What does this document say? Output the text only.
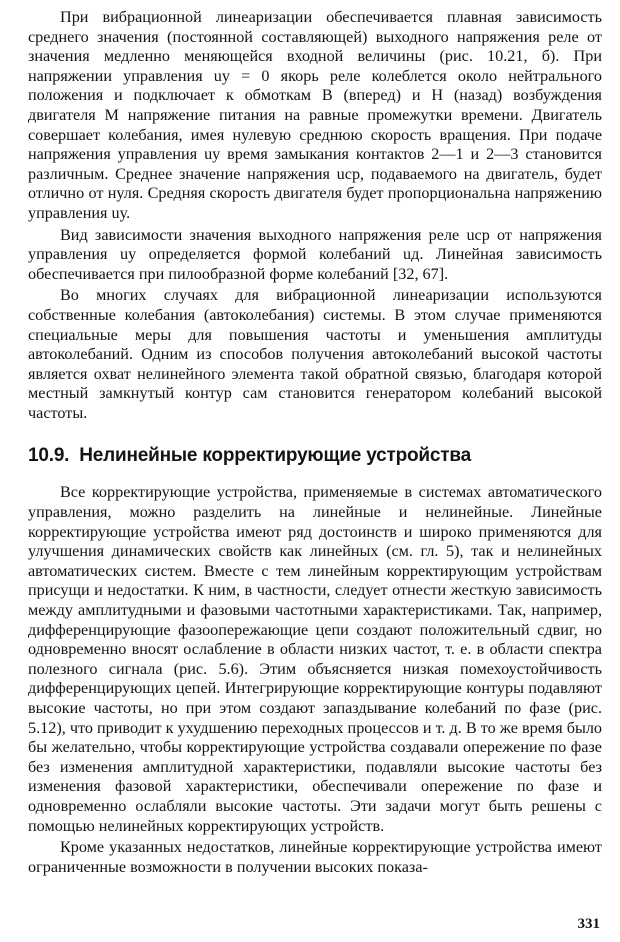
При вибрационной линеаризации обеспечивается плавная зависимость среднего значения (постоянной составляющей) выходного напряжения реле от значения медленно меняющейся входной величины (рис. 10.21, б). При напряжении управления uу = 0 якорь реле колеблется около нейтрального положения и подключает к обмоткам B (вперед) и H (назад) возбуждения двигателя M напряжение питания на равные промежутки времени. Двигатель совершает колебания, имея нулевую среднюю скорость вращения. При подаче напряжения управления uу время замыкания контактов 2—1 и 2—3 становится различным. Среднее значение напряжения uср, подаваемого на двигатель, будет отлично от нуля. Средняя скорость двигателя будет пропорциональна напряжению управления uу.

Вид зависимости значения выходного напряжения реле uср от напряжения управления uу определяется формой колебаний uд. Линейная зависимость обеспечивается при пилообразной форме колебаний [32, 67].

Во многих случаях для вибрационной линеаризации используются собственные колебания (автоколебания) системы. В этом случае применяются специальные меры для повышения частоты и уменьшения амплитуды автоколебаний. Одним из способов получения автоколебаний высокой частоты является охват нелинейного элемента такой обратной связью, благодаря которой местный замкнутый контур сам становится генератором колебаний высокой частоты.

10.9. Нелинейные корректирующие устройства

Все корректирующие устройства, применяемые в системах автоматического управления, можно разделить на линейные и нелинейные. Линейные корректирующие устройства имеют ряд достоинств и широко применяются для улучшения динамических свойств как линейных (см. гл. 5), так и нелинейных автоматических систем. Вместе с тем линейным корректирующим устройствам присущи и недостатки. К ним, в частности, следует отнести жесткую зависимость между амплитудными и фазовыми частотными характеристиками. Так, например, дифференцирующие фазоопережающие цепи создают положительный сдвиг, но одновременно вносят ослабление в области низких частот, т. е. в области спектра полезного сигнала (рис. 5.6). Этим объясняется низкая помехоустойчивость дифференцирующих цепей. Интегрирующие корректирующие контуры подавляют высокие частоты, но при этом создают запаздывание колебаний по фазе (рис. 5.12), что приводит к ухудшению переходных процессов и т. д. В то же время было бы желательно, чтобы корректирующие устройства создавали опережение по фазе без изменения амплитудной характеристики, подавляли высокие частоты без изменения фазовой характеристики, обеспечивали опережение по фазе и одновременно ослабляли высокие частоты. Эти задачи могут быть решены с помощью нелинейных корректирующих устройств.

Кроме указанных недостатков, линейные корректирующие устройства имеют ограниченные возможности в получении высоких показа-

331
